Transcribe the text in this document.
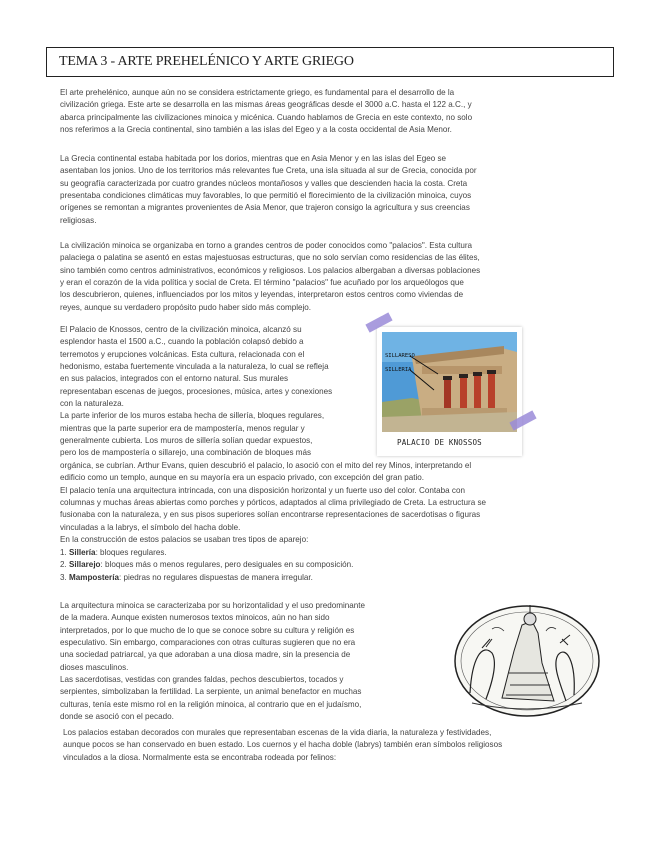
TEMA 3 - ARTE PREHELÉNICO Y ARTE GRIEGO
El arte prehelénico, aunque aún no se considera estrictamente griego, es fundamental para el desarrollo de la
civilización griega. Este arte se desarrolla en las mismas áreas geográficas desde el 3000 a.C. hasta el 122 a.C., y
abarca principalmente las civilizaciones minoica y micénica. Cuando hablamos de Grecia en este contexto, no solo
nos referimos a la Grecia continental, sino también a las islas del Egeo y a la costa occidental de Asia Menor.
La Grecia continental estaba habitada por los dorios, mientras que en Asia Menor y en las islas del Egeo se
asentaban los jonios. Uno de los territorios más relevantes fue Creta, una isla situada al sur de Grecia, conocida por
su geografía caracterizada por cuatro grandes núcleos montañosos y valles que descienden hacia la costa. Creta
presentaba condiciones climáticas muy favorables, lo que permitió el florecimiento de la civilización minoica, cuyos
orígenes se remontan a migrantes provenientes de Asia Menor, que trajeron consigo la agricultura y sus creencias
religiosas.
La civilización minoica se organizaba en torno a grandes centros de poder conocidos como "palacios". Esta cultura
palaciega o palatina se asentó en estas majestuosas estructuras, que no solo servían como residencias de las élites,
sino también como centros administrativos, económicos y religiosos. Los palacios albergaban a diversas poblaciones
y eran el corazón de la vida política y social de Creta. El término "palacios" fue acuñado por los arqueólogos que
los descubrieron, quienes, influenciados por los mitos y leyendas, interpretaron estos centros como viviendas de
reyes, aunque su verdadero propósito pudo haber sido más complejo.
El Palacio de Knossos, centro de la civilización minoica, alcanzó su
esplendor hasta el 1500 a.C., cuando la población colapsó debido a
terremotos y erupciones volcánicas. Esta cultura, relacionada con el
hedonismo, estaba fuertemente vinculada a la naturaleza, lo cual se refleja
en sus palacios, integrados con el entorno natural. Sus murales
representaban escenas de juegos, procesiones, música, artes y conexiones
con la naturaleza.
La parte inferior de los muros estaba hecha de sillería, bloques regulares,
mientras que la parte superior era de mampostería, menos regular y
generalmente cubierta. Los muros de sillería solían quedar expuestos,
pero los de mampostería o sillarejo, una combinación de bloques más
orgánica, se cubrían. Arthur Evans, quien descubrió el palacio, lo asoció con el mito del rey Minos, interpretando el
edificio como un templo, aunque en su mayoría era un espacio privado, con excepción del gran patio.
El palacio tenía una arquitectura intrincada, con una disposición horizontal y un fuerte uso del color. Contaba con
columnas y muchas áreas abiertas como porches y pórticos, adaptados al clima privilegiado de Creta. La estructura se
fusionaba con la naturaleza, y en sus pisos superiores solían encontrarse representaciones de sacerdotisas o figuras
vinculadas a la labrys, el símbolo del hacha doble.
En la construcción de estos palacios se usaban tres tipos de aparejo:
1. Sillería: bloques regulares.
2. Sillarejo: bloques más o menos regulares, pero desiguales en su composición.
3. Mampostería: piedras no regulares dispuestas de manera irregular.
La arquitectura minoica se caracterizaba por su horizontalidad y el uso predominante
de la madera. Aunque existen numerosos textos minoicos, aún no han sido
interpretados, por lo que mucho de lo que se conoce sobre su cultura y religión es
especulativo. Sin embargo, comparaciones con otras culturas sugieren que no era
una sociedad patriarcal, ya que adoraban a una diosa madre, sin la presencia de
dioses masculinos.
Las sacerdotisas, vestidas con grandes faldas, pechos descubiertos, tocados y
serpientes, simbolizaban la fertilidad. La serpiente, un animal benefactor en muchas
culturas, tenía este mismo rol en la religión minoica, al contrario que en el judaísmo,
donde se asoció con el pecado.
Los palacios estaban decorados con murales que representaban escenas de la vida diaria, la naturaleza y festividades,
aunque pocos se han conservado en buen estado. Los cuernos y el hacha doble (labrys) también eran símbolos religiosos
vinculados a la diosa. Normalmente esta se encontraba rodeada por felinos:
SILLARESO
SILLERIA
PALACIO DE KNOSSOS
